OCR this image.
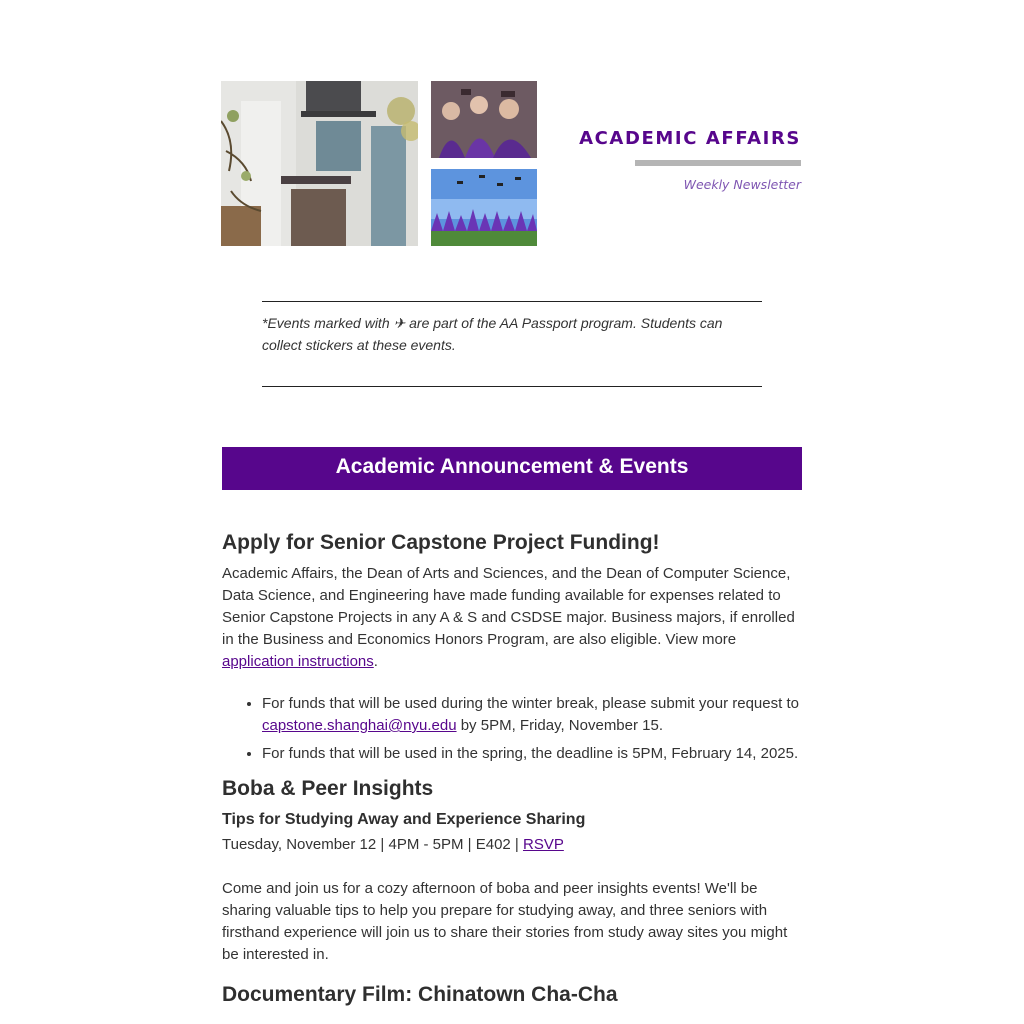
ACADEMIC AFFAIRS
Weekly Newsletter
*Events marked with ✈ are part of the AA Passport program. Students can collect stickers at these events.
Academic Announcement & Events
Apply for Senior Capstone Project Funding!

Academic Affairs, the Dean of Arts and Sciences, and the Dean of Computer Science, Data Science, and Engineering have made funding available for expenses related to Senior Capstone Projects in any A & S and CSDSE major. Business majors, if enrolled in the Business and Economics Honors Program, are also eligible. View more application instructions.

• For funds that will be used during the winter break, please submit your request to capstone.shanghai@nyu.edu by 5PM, Friday, November 15.
• For funds that will be used in the spring, the deadline is 5PM, February 14, 2025.
Boba & Peer Insights
Tips for Studying Away and Experience Sharing

Tuesday, November 12 | 4PM - 5PM | E402 | RSVP

Come and join us for a cozy afternoon of boba and peer insights events! We'll be sharing valuable tips to help you prepare for studying away, and three seniors with firsthand experience will join us to share their stories from study away sites you might be interested in.

Documentary Film: Chinatown Cha-Cha
